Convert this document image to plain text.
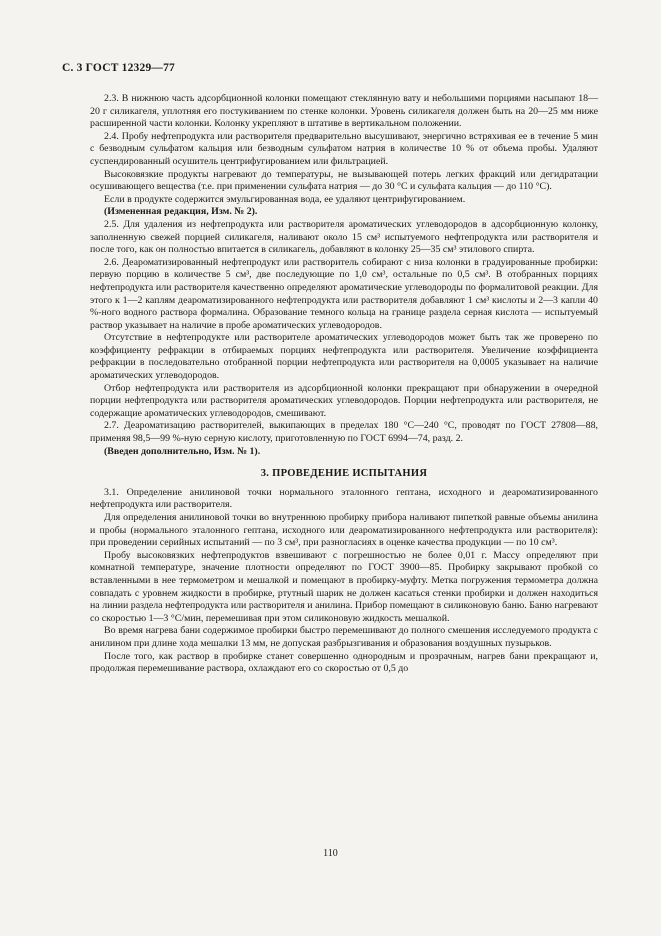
С. 3 ГОСТ 12329—77

2.3. В нижнюю часть адсорбционной колонки помещают стеклянную вату и небольшими порциями насыпают 18—20 г силикагеля, уплотняя его постукиванием по стенке колонки. Уровень силикагеля должен быть на 20—25 мм ниже расширенной части колонки. Колонку укрепляют в штативе в вертикальном положении.

2.4. Пробу нефтепродукта или растворителя предварительно высушивают, энергично встряхивая ее в течение 5 мин с безводным сульфатом кальция или безводным сульфатом натрия в количестве 10 % от объема пробы. Удаляют суспендированный осушитель центрифугированием или фильтрацией.

Высоковязкие продукты нагревают до температуры, не вызывающей потерь легких фракций или дегидратации осушивающего вещества (т.е. при применении сульфата натрия — до 30 °С и сульфата кальция — до 110 °С).

Если в продукте содержится эмульгированная вода, ее удаляют центрифугированием.

(Измененная редакция, Изм. № 2).

2.5. Для удаления из нефтепродукта или растворителя ароматических углеводородов в адсорбционную колонку, заполненную свежей порцией силикагеля, наливают около 15 см³ испытуемого нефтепродукта или растворителя и после того, как он полностью впитается в силикагель, добавляют в колонку 25—35 см³ этилового спирта.

2.6. Деароматизированный нефтепродукт или растворитель собирают с низа колонки в градуированные пробирки: первую порцию в количестве 5 см³, две последующие по 1,0 см³, остальные по 0,5 см³. В отобранных порциях нефтепродукта или растворителя качественно определяют ароматические углеводороды по формалитовой реакции. Для этого к 1—2 каплям деароматизированного нефтепродукта или растворителя добавляют 1 см³ кислоты и 2—3 капли 40 %-ного водного раствора формалина. Образование темного кольца на границе раздела серная кислота — испытуемый раствор указывает на наличие в пробе ароматических углеводородов.

Отсутствие в нефтепродукте или растворителе ароматических углеводородов может быть так же проверено по коэффициенту рефракции в отбираемых порциях нефтепродукта или растворителя. Увеличение коэффициента рефракции в последовательно отобранной порции нефтепродукта или растворителя на 0,0005 указывает на наличие ароматических углеводородов.

Отбор нефтепродукта или растворителя из адсорбционной колонки прекращают при обнаружении в очередной порции нефтепродукта или растворителя ароматических углеводородов. Порции нефтепродукта или растворителя, не содержащие ароматических углеводородов, смешивают.

2.7. Деароматизацию растворителей, выкипающих в пределах 180 °С—240 °С, проводят по ГОСТ 27808—88, применяя 98,5—99 %-ную серную кислоту, приготовленную по ГОСТ 6994—74, разд. 2.

(Введен дополнительно, Изм. № 1).

3. ПРОВЕДЕНИЕ ИСПЫТАНИЯ

3.1. Определение анилиновой точки нормального эталонного гептана, исходного и деароматизированного нефтепродукта или растворителя.

Для определения анилиновой точки во внутреннюю пробирку прибора наливают пипеткой равные объемы анилина и пробы (нормального эталонного гептана, исходного или деароматизированного нефтепродукта или растворителя): при проведении серийных испытаний — по 3 см³, при разногласиях в оценке качества продукции — по 10 см³.

Пробу высоковязких нефтепродуктов взвешивают с погрешностью не более 0,01 г. Массу определяют при комнатной температуре, значение плотности определяют по ГОСТ 3900—85. Пробирку закрывают пробкой со вставленными в нее термометром и мешалкой и помещают в пробирку-муфту. Метка погружения термометра должна совпадать с уровнем жидкости в пробирке, ртутный шарик не должен касаться стенки пробирки и должен находиться на линии раздела нефтепродукта или растворителя и анилина. Прибор помещают в силиконовую баню. Баню нагревают со скоростью 1—3 °С/мин, перемешивая при этом силиконовую жидкость мешалкой.

Во время нагрева бани содержимое пробирки быстро перемешивают до полного смешения исследуемого продукта с анилином при длине хода мешалки 13 мм, не допуская разбрызгивания и образования воздушных пузырьков.

После того, как раствор в пробирке станет совершенно однородным и прозрачным, нагрев бани прекращают и, продолжая перемешивание раствора, охлаждают его со скоростью от 0,5 до

110
